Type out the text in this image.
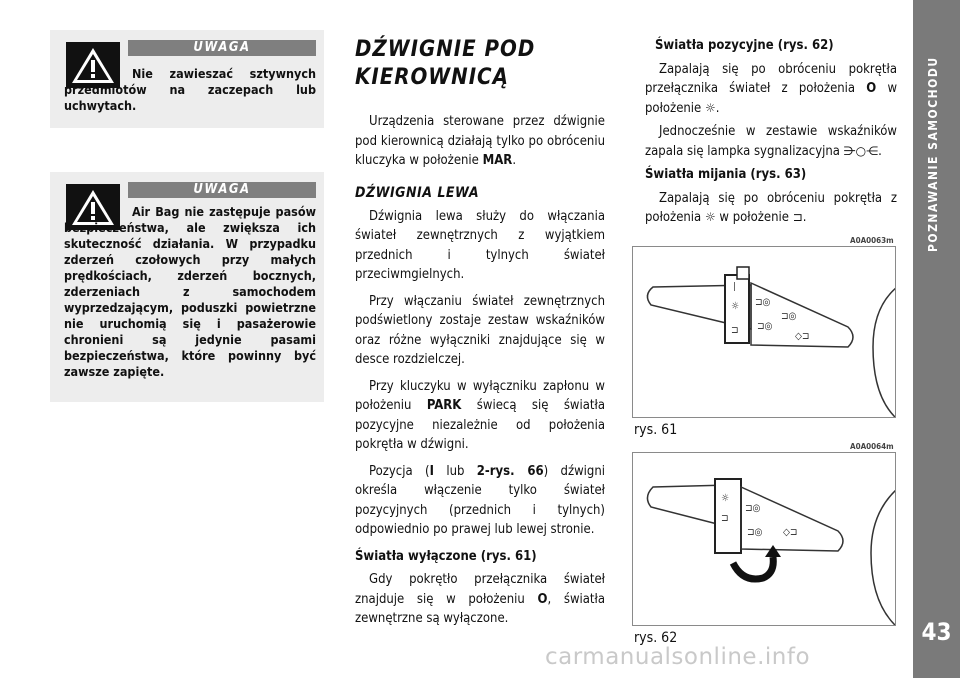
UWAGA
Nie zawieszać sztywnych przedmiotów na zaczepach lub uchwytach.
UWAGA
Air Bag nie zastępuje pasów bezpieczeństwa, ale zwiększa ich skuteczność działania. W przypadku zderzeń czołowych przy małych prędkościach, zderzeń bocznych, zderzeniach z samochodem wyprzedzającym, poduszki powietrzne nie uruchomią się i pasażerowie chronieni są jedynie pasami bezpieczeństwa, które powinny być zawsze zapięte.
DŹWIGNIE POD KIEROWNICĄ

Urządzenia sterowane przez dźwignie pod kierownicą działają tylko po obróceniu kluczyka w położenie MAR.

DŹWIGNIA LEWA

Dźwignia lewa służy do włączania świateł zewnętrznych z wyjątkiem przednich i tylnych świateł przeciwmgielnych.

Przy włączaniu świateł zewnętrznych podświetlony zostaje zestaw wskaźników oraz różne wyłączniki znajdujące się w desce rozdzielczej.

Przy kluczyku w wyłączniku zapłonu w położeniu PARK świecą się światła pozycyjne niezależnie od położenia pokrętła w dźwigni.

Pozycja (I lub 2-rys. 66) dźwigni określa włączenie tylko świateł pozycyjnych (przednich i tylnych) odpowiednio po prawej lub lewej stronie.

Światła wyłączone (rys. 61)

Gdy pokrętło przełącznika świateł znajduje się w położeniu O, światła zewnętrzne są wyłączone.

Światła pozycyjne (rys. 62)

Zapalają się po obróceniu pokrętła przełącznika świateł z położenia O w położenie ☼.

Jednocześnie w zestawie wskaźników zapala się lampka sygnalizacyjna ⋺○⋲.

Światła mijania (rys. 63)

Zapalają się po obróceniu pokrętła z położenia ☼ w położenie ⊐.

A0A0063m
|
☼
⊐
⊐◎
⊐◎
⊐◎
◇⊐
rys. 61
A0A0064m
☼
⊐
⊐◎
⊐◎ ◇⊐
rys. 62
POZNAWANIE SAMOCHODU
43
carmanualsonline.info
